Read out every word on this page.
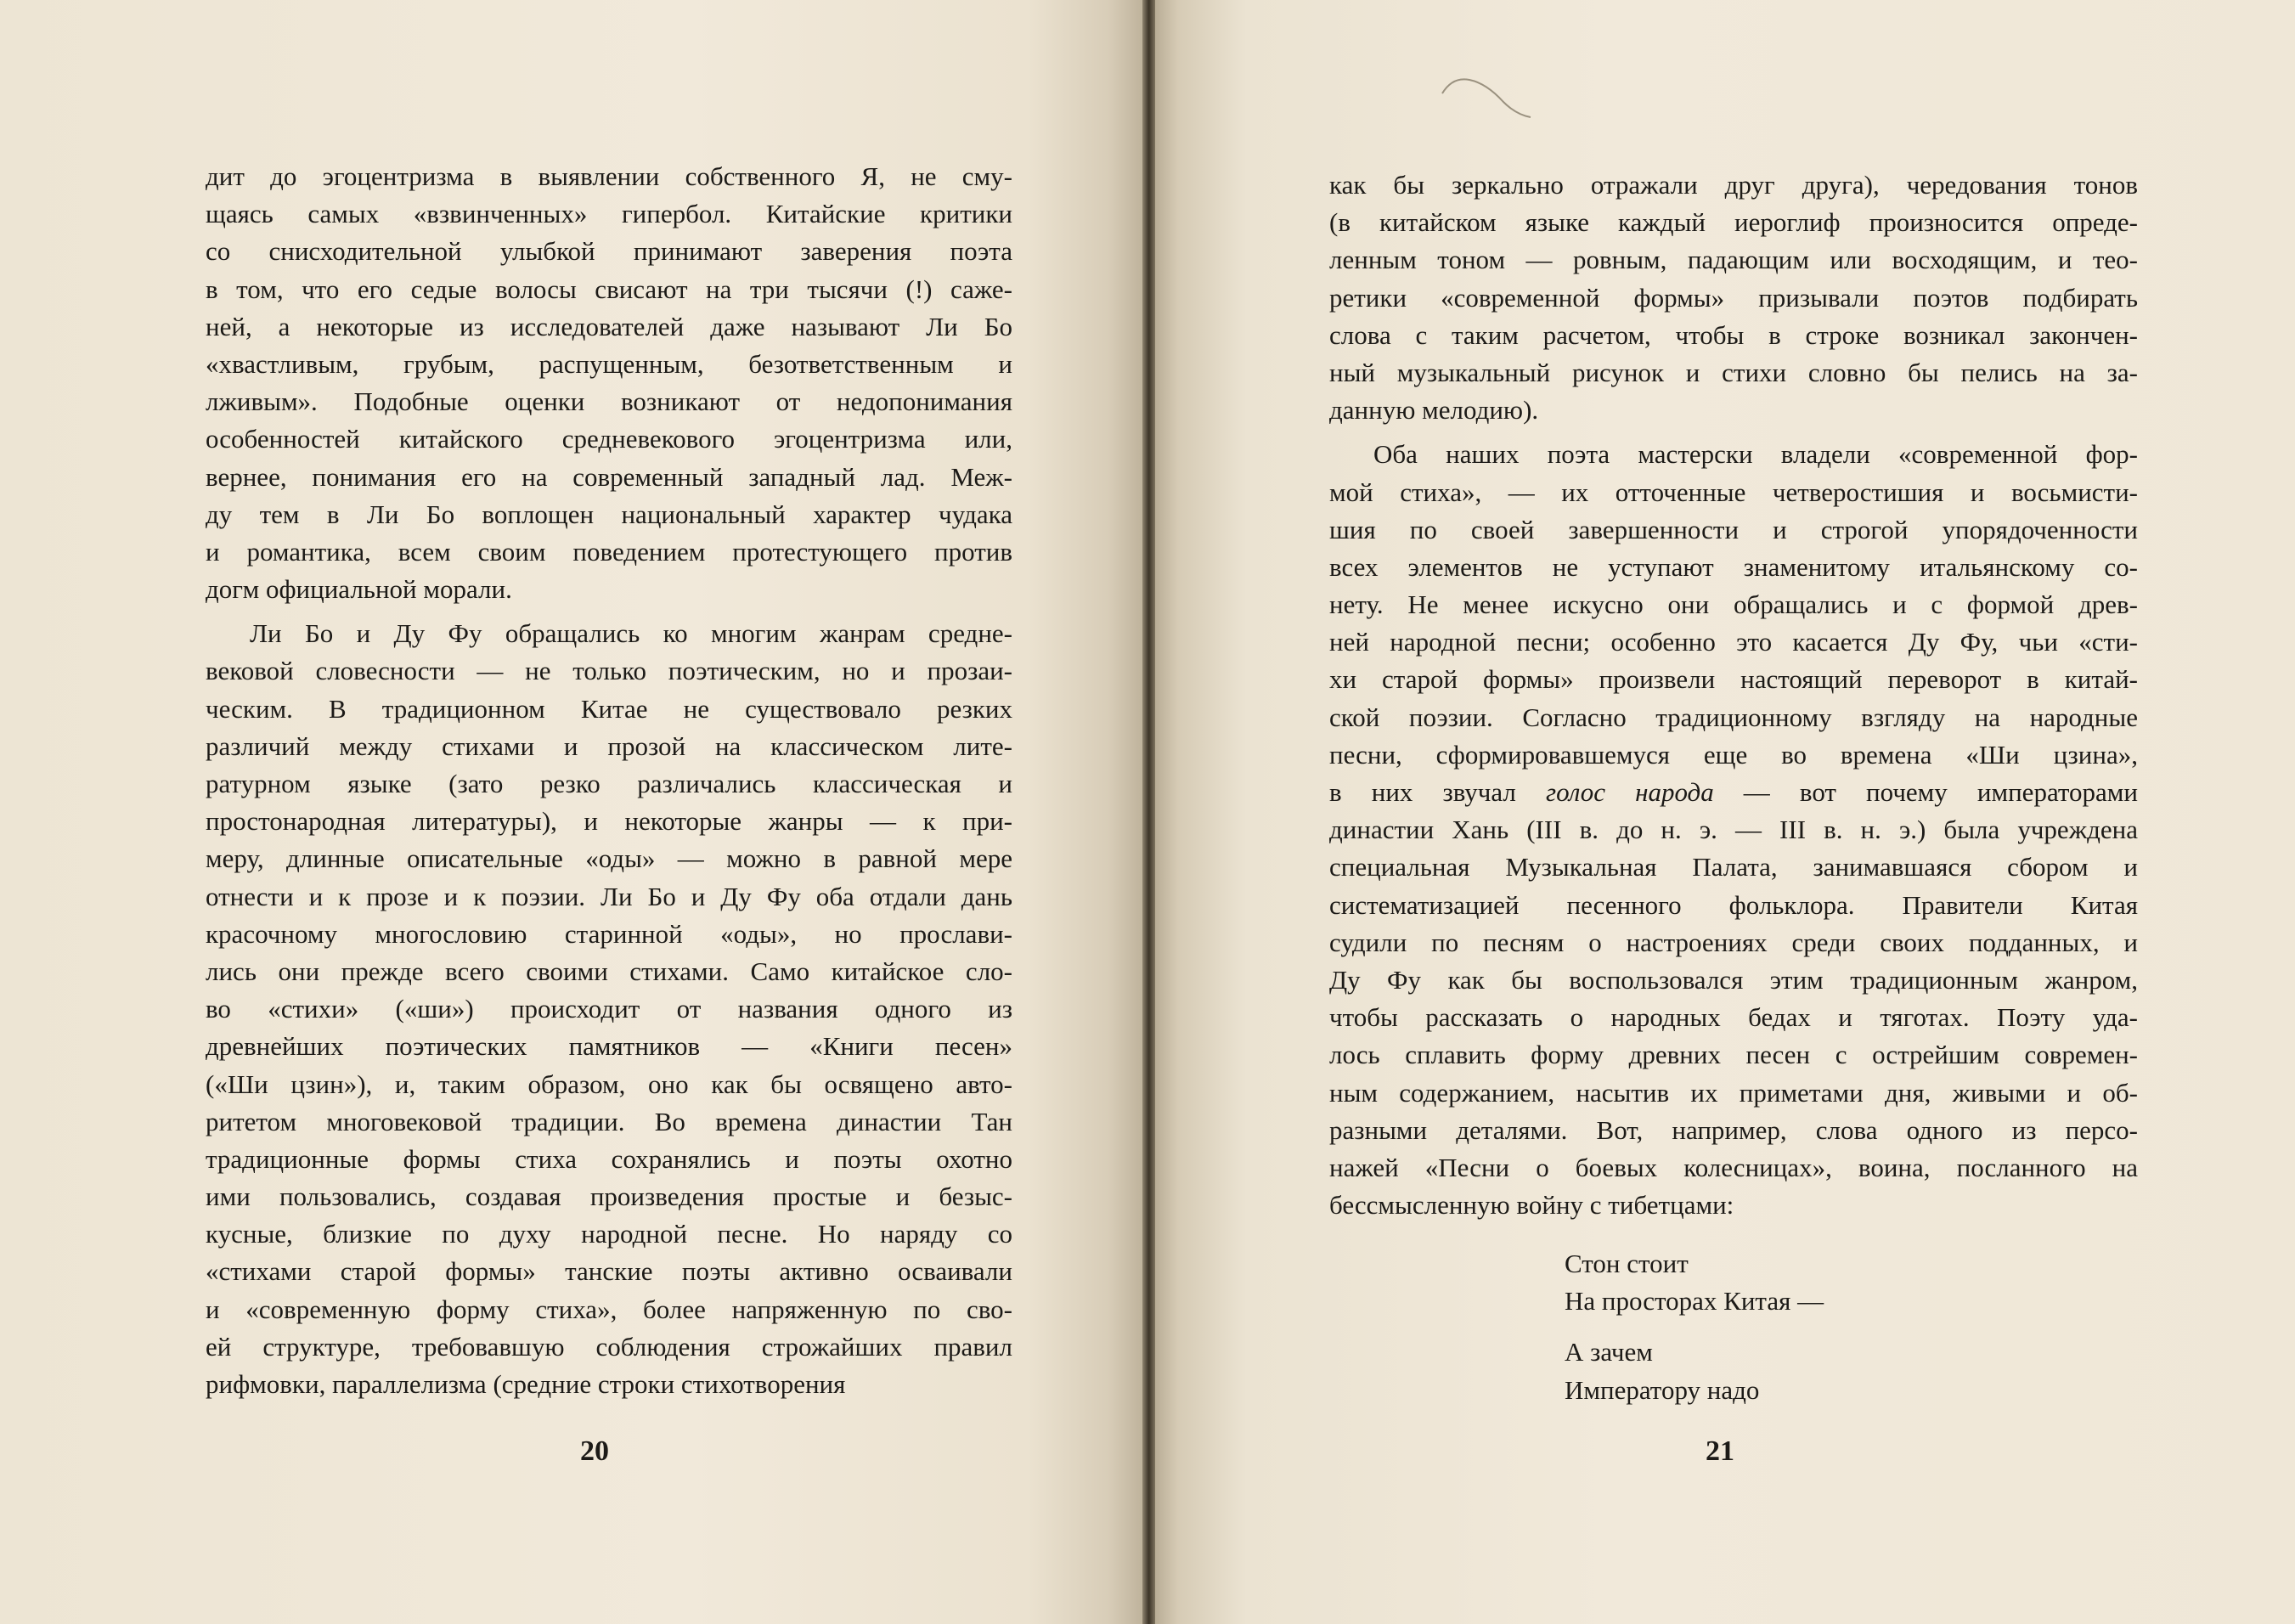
дит до эгоцентризма в выявлении собственного Я, не сму-
щаясь самых «взвинченных» гипербол. Китайские критики
со снисходительной улыбкой принимают заверения поэта
в том, что его седые волосы свисают на три тысячи (!) саже-
ней, а некоторые из исследователей даже называют Ли Бо
«хвастливым, грубым, распущенным, безответственным и
лживым». Подобные оценки возникают от недопонимания
особенностей китайского средневекового эгоцентризма или,
вернее, понимания его на современный западный лад. Меж-
ду тем в Ли Бо воплощен национальный характер чудака
и романтика, всем своим поведением протестующего против
догм официальной морали.

Ли Бо и Ду Фу обращались ко многим жанрам средне-
вековой словесности — не только поэтическим, но и прозаи-
ческим. В традиционном Китае не существовало резких
различий между стихами и прозой на классическом лите-
ратурном языке (зато резко различались классическая и
простонародная литературы), и некоторые жанры — к при-
меру, длинные описательные «оды» — можно в равной мере
отнести и к прозе и к поэзии. Ли Бо и Ду Фу оба отдали дань
красочному многословию старинной «оды», но прослави-
лись они прежде всего своими стихами. Само китайское сло-
во «стихи» («ши») происходит от названия одного из
древнейших поэтических памятников — «Книги песен»
(«Ши цзин»), и, таким образом, оно как бы освящено авто-
ритетом многовековой традиции. Во времена династии Тан
традиционные формы стиха сохранялись и поэты охотно
ими пользовались, создавая произведения простые и безыс-
кусные, близкие по духу народной песне. Но наряду со
«стихами старой формы» танские поэты активно осваивали
и «современную форму стиха», более напряженную по сво-
ей структуре, требовавшую соблюдения строжайших правил
рифмовки, параллелизма (средние строки стихотворения

20

как бы зеркально отражали друг друга), чередования тонов
(в китайском языке каждый иероглиф произносится опреде-
ленным тоном — ровным, падающим или восходящим, и тео-
ретики «современной формы» призывали поэтов подбирать
слова с таким расчетом, чтобы в строке возникал закончен-
ный музыкальный рисунок и стихи словно бы пелись на за-
данную мелодию).

Оба наших поэта мастерски владели «современной фор-
мой стиха», — их отточенные четверостишия и восьмисти-
шия по своей завершенности и строгой упорядоченности
всех элементов не уступают знаменитому итальянскому со-
нету. Не менее искусно они обращались и с формой древ-
ней народной песни; особенно это касается Ду Фу, чьи «сти-
хи старой формы» произвели настоящий переворот в китай-
ской поэзии. Согласно традиционному взгляду на народные
песни, сформировавшемуся еще во времена «Ши цзина»,
в них звучал голос народа — вот почему императорами
династии Хань (III в. до н. э. — III в. н. э.) была учреждена
специальная Музыкальная Палата, занимавшаяся сбором и
систематизацией песенного фольклора. Правители Китая
судили по песням о настроениях среди своих подданных, и
Ду Фу как бы воспользовался этим традиционным жанром,
чтобы рассказать о народных бедах и тяготах. Поэту уда-
лось сплавить форму древних песен с острейшим современ-
ным содержанием, насытив их приметами дня, живыми и об-
разными деталями. Вот, например, слова одного из персо-
нажей «Песни о боевых колесницах», воина, посланного на
бессмысленную войну с тибетцами:

Стон стоит
На просторах Китая —
А зачем
Императору надо
21
